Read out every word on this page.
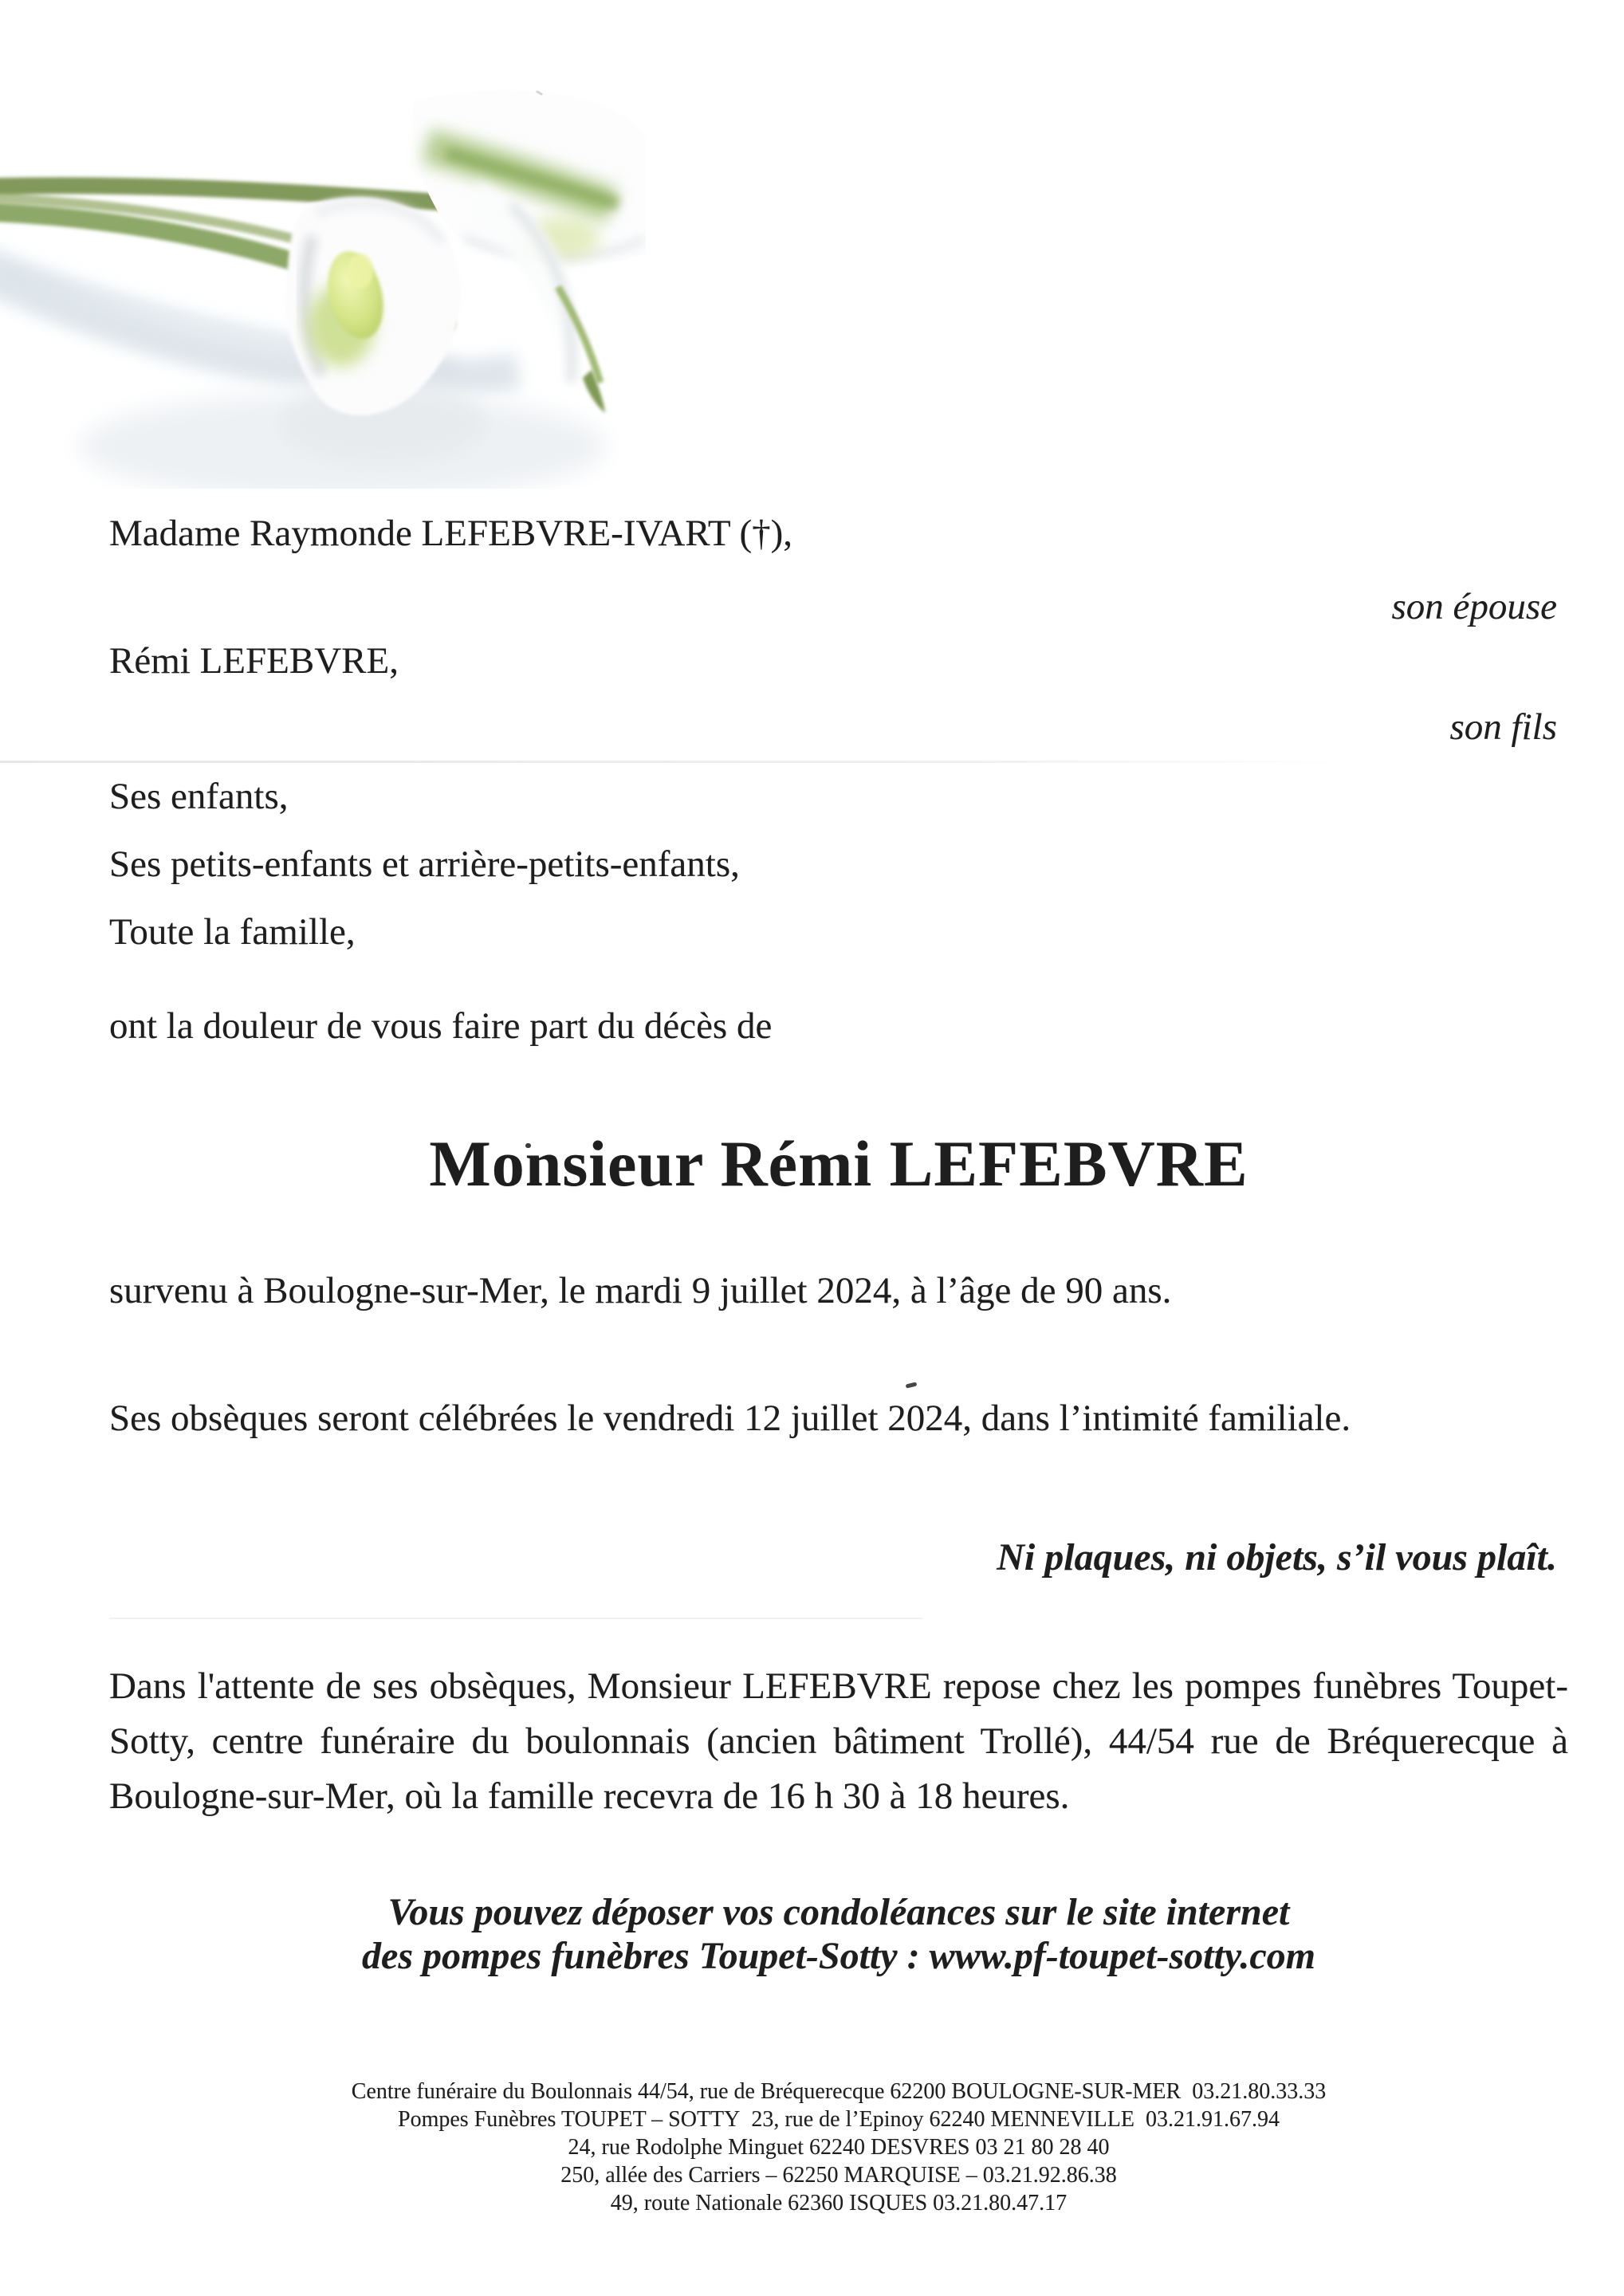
Madame Raymonde LEFEBVRE-IVART (†),
son épouse
Rémi LEFEBVRE,
son fils
Ses enfants,
Ses petits-enfants et arrière-petits-enfants,
Toute la famille,
ont la douleur de vous faire part du décès de
Monsieur Rémi LEFEBVRE
survenu à Boulogne-sur-Mer, le mardi 9 juillet 2024, à l’âge de 90 ans.
Ses obsèques seront célébrées le vendredi 12 juillet 2024, dans l’intimité familiale.
Ni plaques, ni objets, s’il vous plaît.
Dans l'attente de ses obsèques, Monsieur LEFEBVRE repose chez les pompes funèbres Toupet-
Sotty, centre funéraire du boulonnais (ancien bâtiment Trollé), 44/54 rue de Bréquerecque à
Boulogne-sur-Mer, où la famille recevra de 16 h 30 à 18 heures.
Vous pouvez déposer vos condoléances sur le site internet
des pompes funèbres Toupet-Sotty : www.pf-toupet-sotty.com
Centre funéraire du Boulonnais 44/54, rue de Bréquerecque 62200 BOULOGNE-SUR-MER  03.21.80.33.33
Pompes Funèbres TOUPET – SOTTY  23, rue de l’Epinoy 62240 MENNEVILLE  03.21.91.67.94
24, rue Rodolphe Minguet 62240 DESVRES 03 21 80 28 40
250, allée des Carriers – 62250 MARQUISE – 03.21.92.86.38
49, route Nationale 62360 ISQUES 03.21.80.47.17
